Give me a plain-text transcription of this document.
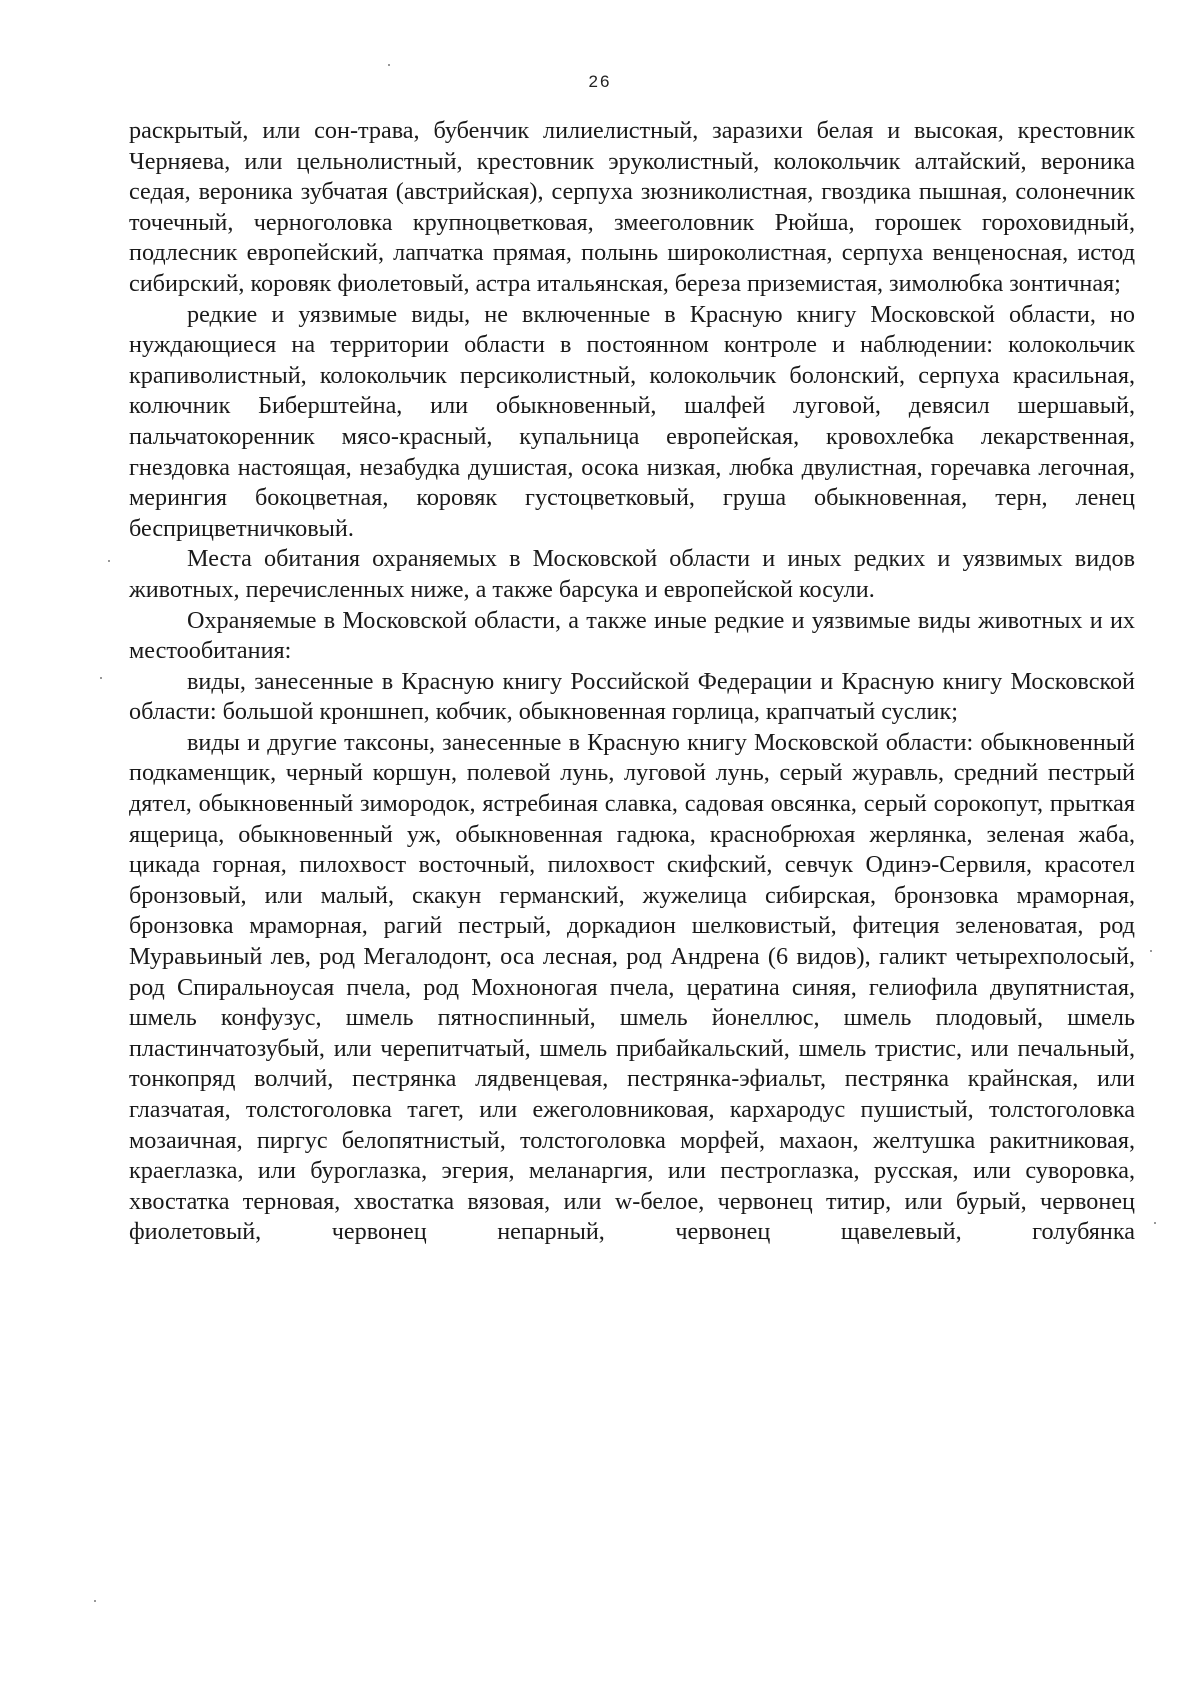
26

раскрытый, или сон-трава, бубенчик лилиелистный, заразихи белая и высокая, крестовник Черняева, или цельнолистный, крестовник эруколистный, колокольчик алтайский, вероника седая, вероника зубчатая (австрийская), серпуха зюзниколистная, гвоздика пышная, солонечник точечный, черноголовка крупноцветковая, змееголовник Рюйша, горошек гороховидный, подлесник европейский, лапчатка прямая, полынь широколистная, серпуха венценосная, истод сибирский, коровяк фиолетовый, астра итальянская, береза приземистая, зимолюбка зонтичная;

редкие и уязвимые виды, не включенные в Красную книгу Московской области, но нуждающиеся на территории области в постоянном контроле и наблюдении: колокольчик крапиволистный, колокольчик персиколистный, колокольчик болонский, серпуха красильная, колючник Биберштейна, или обыкновенный, шалфей луговой, девясил шершавый, пальчатокоренник мясо-красный, купальница европейская, кровохлебка лекарственная, гнездовка настоящая, незабудка душистая, осока низкая, любка двулистная, горечавка легочная, мерингия бокоцветная, коровяк густоцветковый, груша обыкновенная, терн, ленец бесприцветничковый.

Места обитания охраняемых в Московской области и иных редких и уязвимых видов животных, перечисленных ниже, а также барсука и европейской косули.

Охраняемые в Московской области, а также иные редкие и уязвимые виды животных и их местообитания:

виды, занесенные в Красную книгу Российской Федерации и Красную книгу Московской области: большой кроншнеп, кобчик, обыкновенная горлица, крапчатый суслик;

виды и другие таксоны, занесенные в Красную книгу Московской области: обыкновенный подкаменщик, черный коршун, полевой лунь, луговой лунь, серый журавль, средний пестрый дятел, обыкновенный зимородок, ястребиная славка, садовая овсянка, серый сорокопут, прыткая ящерица, обыкновенный уж, обыкновенная гадюка, краснобрюхая жерлянка, зеленая жаба, цикада горная, пилохвост восточный, пилохвост скифский, севчук Одинэ-Сервиля, красотел бронзовый, или малый, скакун германский, жужелица сибирская, бронзовка мраморная, бронзовка мраморная, рагий пестрый, доркадион шелковистый, фитеция зеленоватая, род Муравьиный лев, род Мегалодонт, оса лесная, род Андрена (6 видов), галикт четырехполосый, род Спиральноусая пчела, род Мохноногая пчела, цератина синяя, гелиофила двупятнистая, шмель конфузус, шмель пятноспинный, шмель йонеллюс, шмель плодовый, шмель пластинчатозубый, или черепитчатый, шмель прибайкальский, шмель тристис, или печальный, тонкопряд волчий, пестрянка лядвенцевая, пестрянка-эфиальт, пестрянка крайнская, или глазчатая, толстоголовка тагет, или ежеголовниковая, кархародус пушистый, толстоголовка мозаичная, пиргус белопятнистый, толстоголовка морфей, махаон, желтушка ракитниковая, краеглазка, или буроглазка, эгерия, меланаргия, или пестроглазка, русская, или суворовка, хвостатка терновая, хвостатка вязовая, или w-белое, червонец титир, или бурый, червонец фиолетовый, червонец непарный, червонец щавелевый, голубянка
